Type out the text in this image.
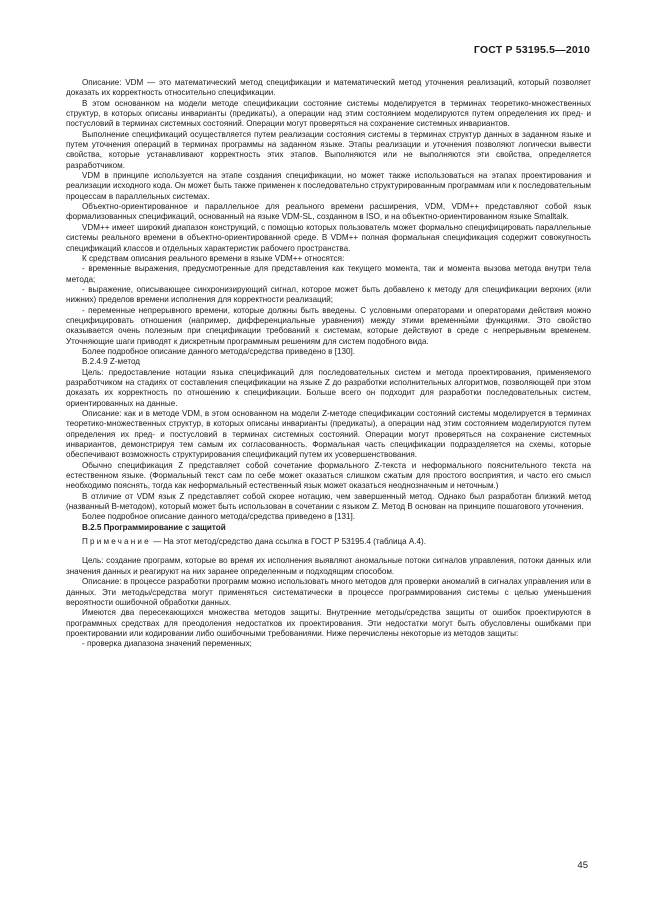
ГОСТ Р 53195.5—2010

Описание: VDM — это математический метод спецификации и математический метод уточнения реализаций, который позволяет доказать их корректность относительно спецификации.

В этом основанном на модели методе спецификации состояние системы моделируется в терминах теоретико-множественных структур, в которых описаны инварианты (предикаты), а операции над этим состоянием моделируются путем определения их пред- и постусловий в терминах системных состояний. Операции могут проверяться на сохранение системных инвариантов.

Выполнение спецификаций осуществляется путем реализации состояния системы в терминах структур данных в заданном языке и путем уточнения операций в терминах программы на заданном языке. Этапы реализации и уточнения позволяют логически вывести свойства, которые устанавливают корректность этих этапов. Выполняются или не выполняются эти свойства, определяется разработчиком.

VDM в принципе используется на этапе создания спецификации, но может также использоваться на этапах проектирования и реализации исходного кода. Он может быть также применен к последовательно структурированным программам или к последовательным процессам в параллельных системах.

Объектно-ориентированное и параллельное для реального времени расширения, VDM, VDM++ представляют собой язык формализованных спецификаций, основанный на языке VDM-SL, созданном в ISO, и на объектно-ориентированном языке Smalltalk.

VDM++ имеет широкий диапазон конструкций, с помощью которых пользователь может формально специфицировать параллельные системы реального времени в объектно-ориентированной среде. В VDM++ полная формальная спецификация содержит совокупность спецификаций классов и отдельных характеристик рабочего пространства.

К средствам описания реального времени в языке VDM++ относятся:

- временные выражения, предусмотренные для представления как текущего момента, так и момента вызова метода внутри тела метода;

- выражение, описывающее синхронизирующий сигнал, которое может быть добавлено к методу для спецификации верхних (или нижних) пределов времени исполнения для корректности реализаций;

- переменные непрерывного времени, которые должны быть введены. С условными операторами и операторами действия можно специфицировать отношения (например, дифференциальные уравнения) между этими временны́ми функциями. Это свойство оказывается очень полезным при спецификации требований к системам, которые действуют в среде с непрерывным временем. Уточняющие шаги приводят к дискретным программным решениям для систем подобного вида.

Более подробное описание данного метода/средства приведено в [130].

В.2.4.9 Z-метод

Цель: предоставление нотации языка спецификаций для последовательных систем и метода проектирования, применяемого разработчиком на стадиях от составления спецификации на языке Z до разработки исполнительных алгоритмов, позволяющей при этом доказать их корректность по отношению к спецификации. Больше всего он подходит для разработки последовательных систем, ориентированных на данные.

Описание: как и в методе VDM, в этом основанном на модели Z-методе спецификации состояний системы моделируется в терминах теоретико-множественных структур, в которых описаны инварианты (предикаты), а операции над этим состоянием моделируются путем определения их пред- и постусловий в терминах системных состояний. Операции могут проверяться на сохранение системных инвариантов, демонстрируя тем самым их согласованность. Формальная часть спецификации подразделяется на схемы, которые обеспечивают возможность структурирования спецификаций путем их усовершенствования.

Обычно спецификация Z представляет собой сочетание формального Z-текста и неформального пояснительного текста на естественном языке. (Формальный текст сам по себе может оказаться слишком сжатым для простого восприятия, и часто его смысл необходимо пояснять, тогда как неформальный естественный язык может оказаться неоднозначным и неточным.)

В отличие от VDM язык Z представляет собой скорее нотацию, чем завершенный метод. Однако был разработан близкий метод (названный В-методом), который может быть использован в сочетании с языком Z. Метод В основан на принципе пошагового уточнения.

Более подробное описание данного метода/средства приведено в [131].

В.2.5 Программирование с защитой

Примечание — На этот метод/средство дана ссылка в ГОСТ Р 53195.4 (таблица А.4).

Цель: создание программ, которые во время их исполнения выявляют аномальные потоки сигналов управления, потоки данных или значения данных и реагируют на них заранее определенным и подходящим способом.

Описание: в процессе разработки программ можно использовать много методов для проверки аномалий в сигналах управления или в данных. Эти методы/средства могут применяться систематически в процессе программирования системы с целью уменьшения вероятности ошибочной обработки данных.

Имеются два пересекающихся множества методов защиты. Внутренние методы/средства защиты от ошибок проектируются в программных средствах для преодоления недостатков их проектирования. Эти недостатки могут быть обусловлены ошибками при проектировании или кодировании либо ошибочными требованиями. Ниже перечислены некоторые из методов защиты:

- проверка диапазона значений переменных;

45
